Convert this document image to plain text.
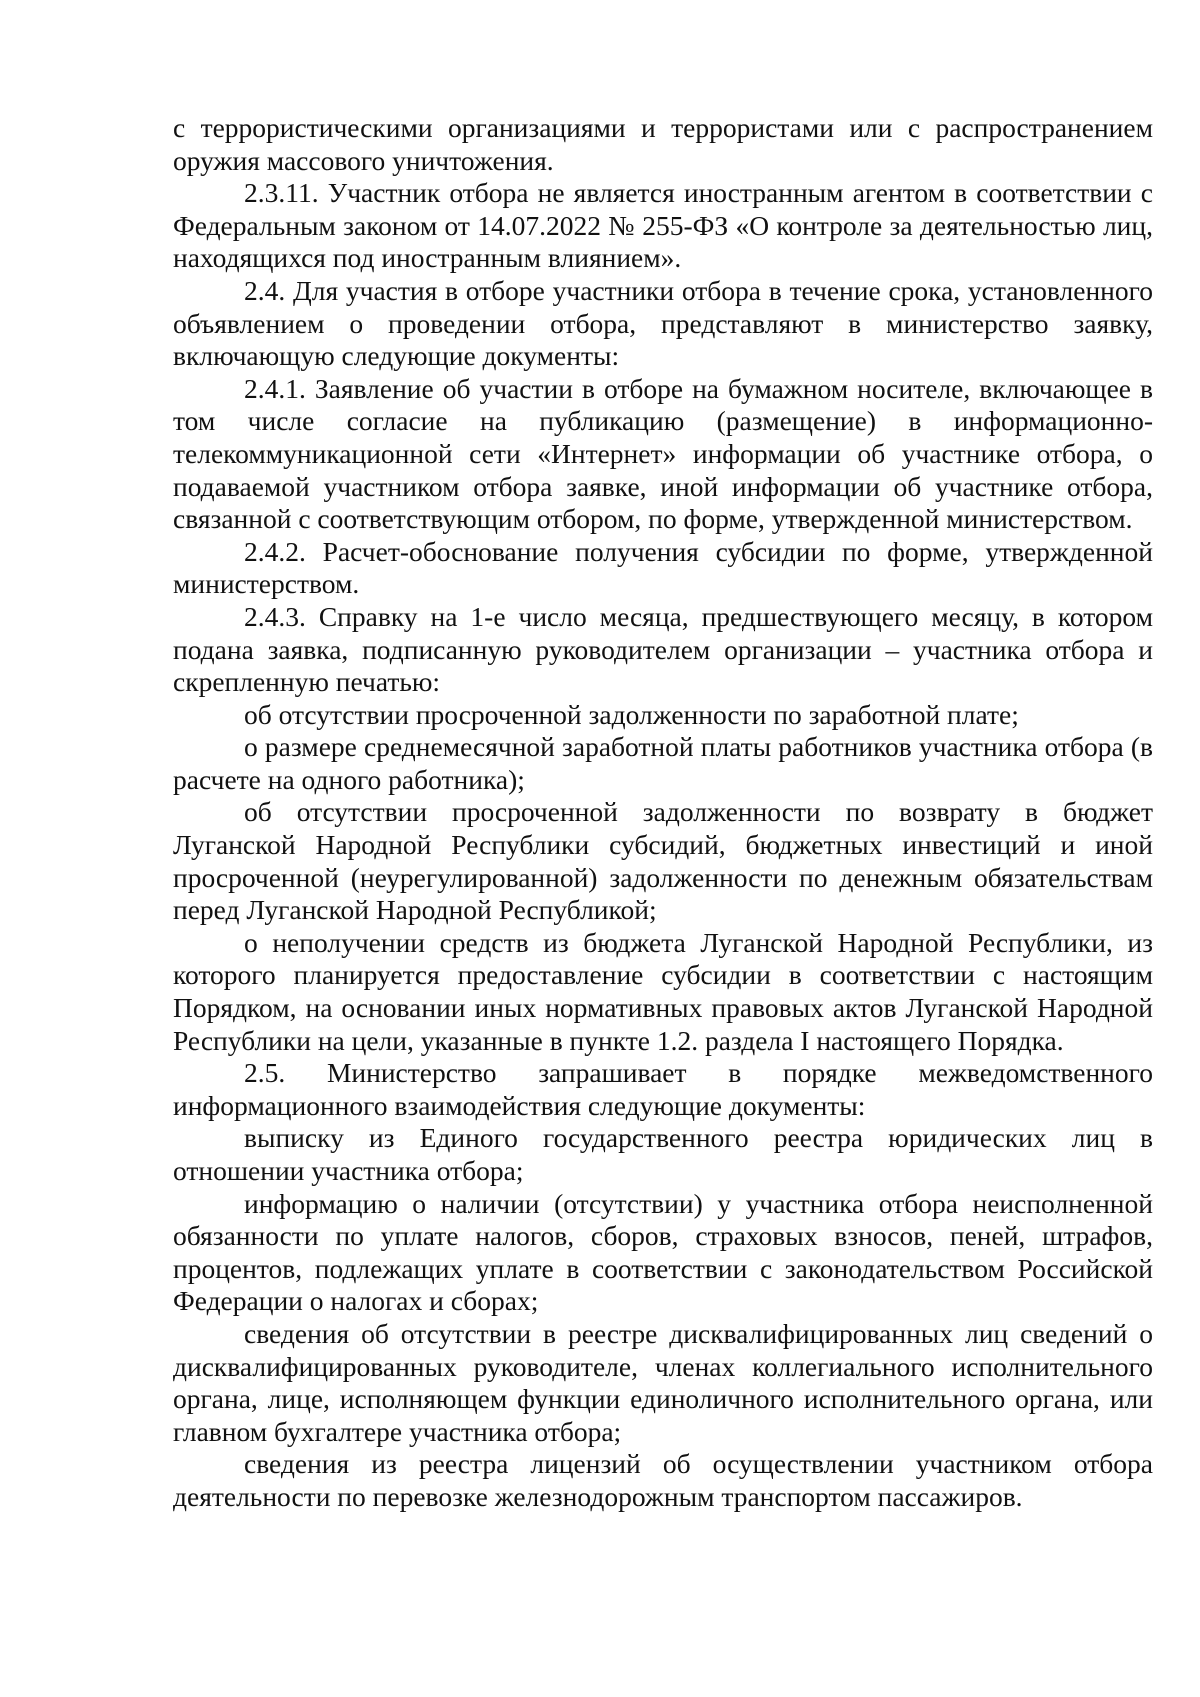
с террористическими организациями и террористами или с распространением оружия массового уничтожения.

2.3.11. Участник отбора не является иностранным агентом в соответствии с Федеральным законом от 14.07.2022 № 255-ФЗ «О контроле за деятельностью лиц, находящихся под иностранным влиянием».

2.4. Для участия в отборе участники отбора в течение срока, установленного объявлением о проведении отбора, представляют в министерство заявку, включающую следующие документы:

2.4.1. Заявление об участии в отборе на бумажном носителе, включающее в том числе согласие на публикацию (размещение) в информационно-телекоммуникационной сети «Интернет» информации об участнике отбора, о подаваемой участником отбора заявке, иной информации об участнике отбора, связанной с соответствующим отбором, по форме, утвержденной министерством.

2.4.2. Расчет-обоснование получения субсидии по форме, утвержденной министерством.

2.4.3. Справку на 1-е число месяца, предшествующего месяцу, в котором подана заявка, подписанную руководителем организации – участника отбора и скрепленную печатью:

об отсутствии просроченной задолженности по заработной плате;

о размере среднемесячной заработной платы работников участника отбора (в расчете на одного работника);

об отсутствии просроченной задолженности по возврату в бюджет Луганской Народной Республики субсидий, бюджетных инвестиций и иной просроченной (неурегулированной) задолженности по денежным обязательствам перед Луганской Народной Республикой;

о неполучении средств из бюджета Луганской Народной Республики, из которого планируется предоставление субсидии в соответствии с настоящим Порядком, на основании иных нормативных правовых актов Луганской Народной Республики на цели, указанные в пункте 1.2. раздела I настоящего Порядка.

2.5. Министерство запрашивает в порядке межведомственного информационного взаимодействия следующие документы:

выписку из Единого государственного реестра юридических лиц в отношении участника отбора;

информацию о наличии (отсутствии) у участника отбора неисполненной обязанности по уплате налогов, сборов, страховых взносов, пеней, штрафов, процентов, подлежащих уплате в соответствии с законодательством Российской Федерации о налогах и сборах;

сведения об отсутствии в реестре дисквалифицированных лиц сведений о дисквалифицированных руководителе, членах коллегиального исполнительного органа, лице, исполняющем функции единоличного исполнительного органа, или главном бухгалтере участника отбора;

сведения из реестра лицензий об осуществлении участником отбора деятельности по перевозке железнодорожным транспортом пассажиров.
